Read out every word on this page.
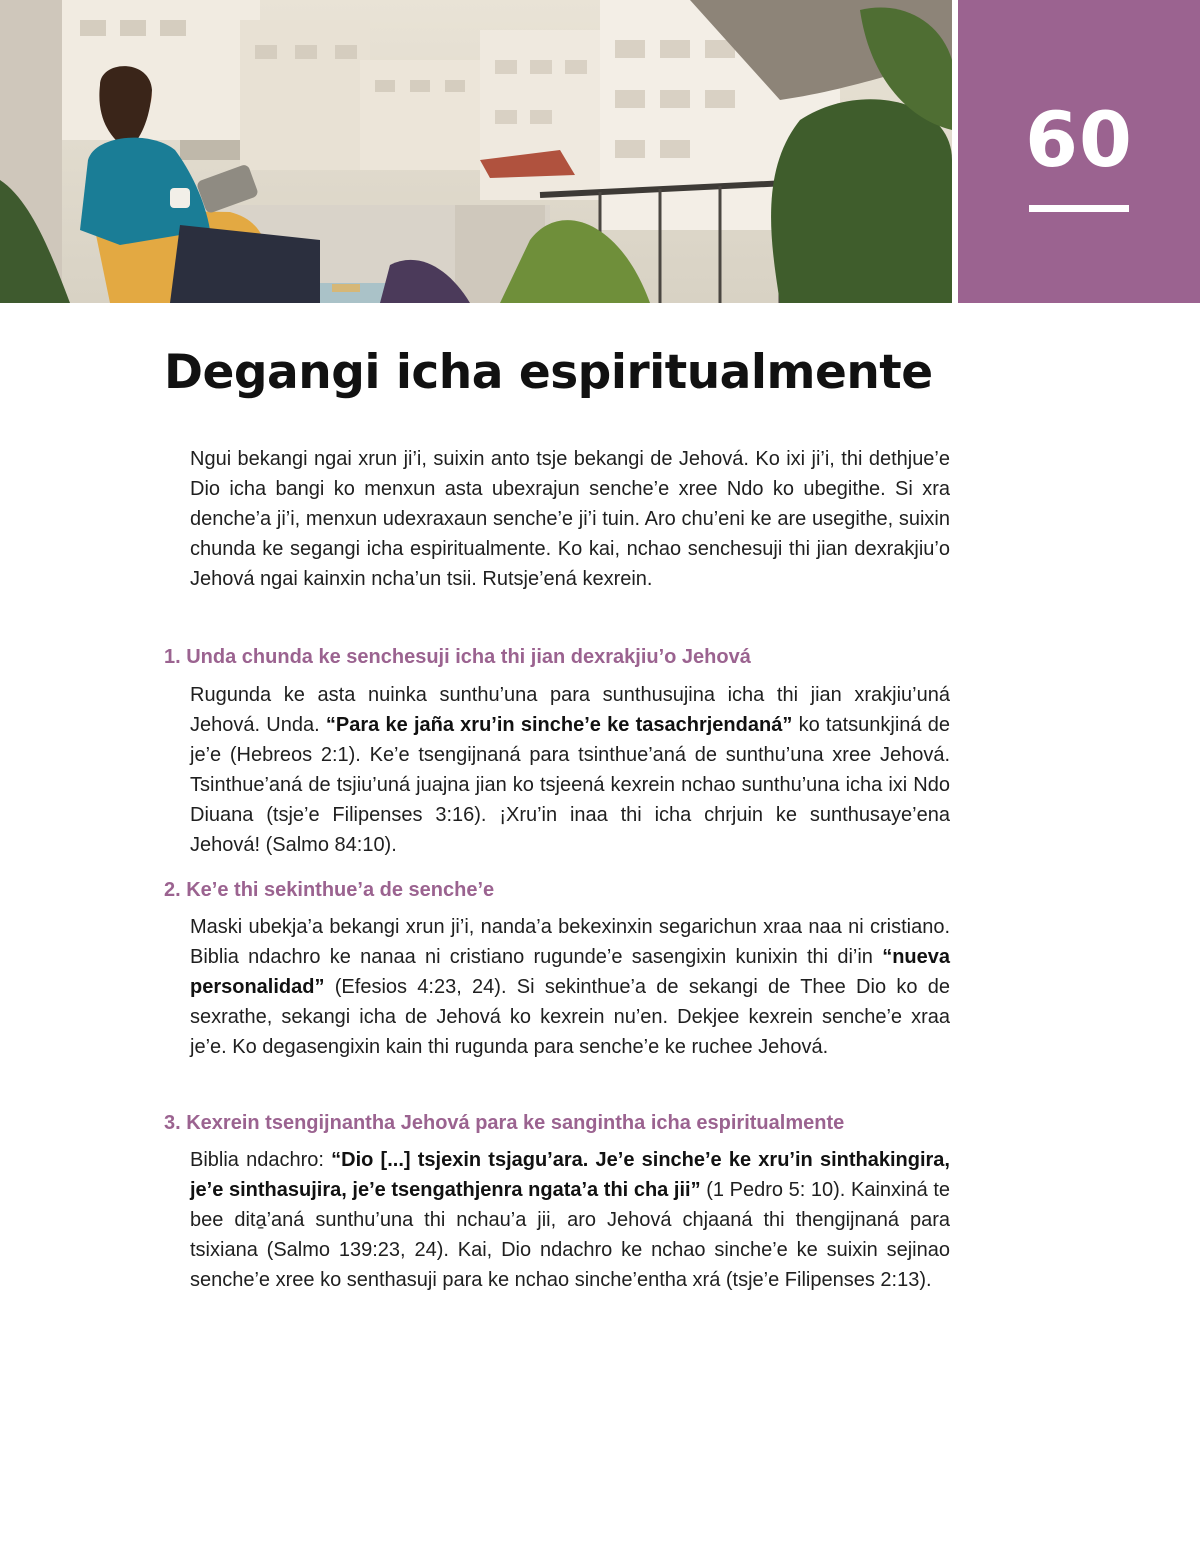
60
Degangi icha espiritualmente

Ngui bekangi ngai xrun ji’i, suixin anto tsje bekangi de Jehová. Ko ixi ji’i, thi dethjue’e Dio icha bangi ko menxun asta ubexrajun senche’e xree Ndo ko ubegithe. Si xra denche’a ji’i, menxun udexraxaun senche’e ji’i tuin. Aro chu’eni ke are usegithe, suixin chunda ke segangi icha espiritualmente. Ko kai, nchao senchesuji thi jian dexrakjiu’o Jehová ngai kainxin ncha’un tsii. Rutsje’ená kexrein.

1. Unda chunda ke senchesuji icha thi jian dexrakjiu’o Jehová

Rugunda ke asta nuinka sunthu’una para sunthusujina icha thi jian xrakjiu’uná Jehová. Unda. “Para ke jaña xru’in sinche’e ke tasachrjendaná” ko tatsunkjiná de je’e (Hebreos 2:1). Ke’e tsengijnaná para tsinthue’aná de sunthu’una xree Jehová. Tsinthue’aná de tsjiu’uná juajna jian ko tsjeená kexrein nchao sunthu’una icha ixi Ndo Diuana (tsje’e Filipenses 3:16). ¡Xru’in inaa thi icha chrjuin ke sunthusaye’ena Jehová! (Salmo 84:10).

2. Ke’e thi sekinthue’a de senche’e

Maski ubekja’a bekangi xrun ji’i, nanda’a bekexinxin segarichun xraa naa ni cristiano. Biblia ndachro ke nanaa ni cristiano rugunde’e sasengixin kunixin thi di’in “nueva personalidad” (Efesios 4:23, 24). Si sekinthue’a de sekangi de Thee Dio ko de sexrathe, sekangi icha de Jehová ko kexrein nu’en. Dekjee kexrein senche’e xraa je’e. Ko degasengixin kain thi rugunda para senche’e ke ruchee Jehová.

3. Kexrein tsengijnantha Jehová para ke sangintha icha espiritualmente

Biblia ndachro: “Dio [...] tsjexin tsjagu’ara. Je’e sinche’e ke xru’in sinthakingira, je’e sinthasujira, je’e tsengathjenra ngata’a thi cha jii” (1 Pedro 5: 10). Kainxiná te bee dita̱’aná sunthu’una thi nchau’a jii, aro Jehová chjaaná thi thengijnaná para tsixiana (Salmo 139:23, 24). Kai, Dio ndachro ke nchao sinche’e ke suixin sejinao senche’e xree ko senthasuji para ke nchao sinche’entha xrá (tsje’e Filipenses 2:13).
